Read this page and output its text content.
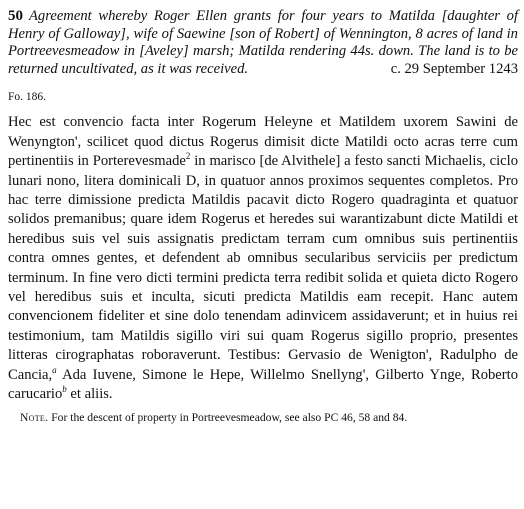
50 Agreement whereby Roger Ellen grants for four years to Matilda [daughter of Henry of Galloway], wife of Saewine [son of Robert] of Wennington, 8 acres of land in Portreevesmeadow in [Aveley] marsh; Matilda rendering 44s. down. The land is to be returned uncultivated, as it was received.	c. 29 September 1243

Fo. 186.

Hec est convencio facta inter Rogerum Heleyne et Matildem uxorem Sawini de Wenyngton', scilicet quod dictus Rogerus dimisit dicte Matildi octo acras terre cum pertinentiis in Porterevesmade$^2$ in marisco [de Alvithele] a festo sancti Michaelis, ciclo lunari nono, litera dominicali D, in quatuor annos proximos sequentes completos. Pro hac terre dimissione predicta Matildis pacavit dicto Rogero quadraginta et quatuor solidos premanibus; quare idem Rogerus et heredes sui warantizabunt dicte Matildi et heredibus suis vel suis assignatis predictam terram cum omnibus suis pertinentiis contra omnes gentes, et defendent ab omnibus secularibus serviciis per predictum terminum. In fine vero dicti termini predicta terra redibit solida et quieta dicto Rogero vel heredibus suis et inculta, sicuti predicta Matildis eam recepit. Hanc autem convencionem fideliter et sine dolo tenendam adinvicem assidaverunt; et in huius rei testimonium, tam Matildis sigillo viri sui quam Rogerus sigillo proprio, presentes litteras cirographatas roboraverunt. Testibus: Gervasio de Wenigton', Radulpho de Cancia,$^a$ Ada Iuvene, Simone le Hepe, Willelmo Snellyng', Gilberto Ynge, Roberto carucario$^b$ et aliis.

Note. For the descent of property in Portreevesmeadow, see also PC 46, 58 and 84.
